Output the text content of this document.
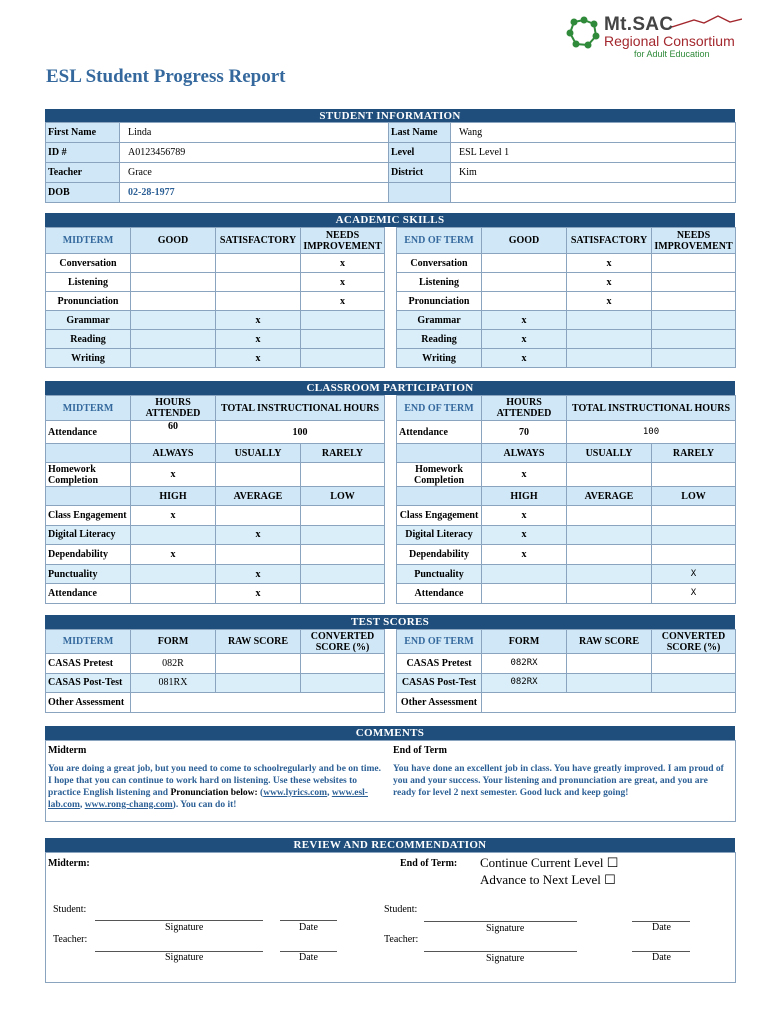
Mt.SAC
Regional Consortium
for Adult Education
ESL Student Progress Report
STUDENT INFORMATION
First Name	Linda	Last Name	Wang
ID #	A0123456789	Level	ESL Level 1
Teacher	Grace	District	Kim
DOB	02-28-1977		
ACADEMIC SKILLS
MIDTERM	GOOD	SATISFACTORY	NEEDS IMPROVEMENT
Conversation			x
Listening			x
Pronunciation			x
Grammar		x	
Reading		x	
Writing		x	
END OF TERM	GOOD	SATISFACTORY	NEEDS IMPROVEMENT
Conversation		x	
Listening		x	
Pronunciation		x	
Grammar	x		
Reading	x		
Writing	x		
CLASSROOM PARTICIPATION
MIDTERM	HOURS ATTENDED	TOTAL INSTRUCTIONAL HOURS	
Attendance	60	100	
	ALWAYS	USUALLY	RARELY
Homework Completion	x		
	HIGH	AVERAGE	LOW
Class Engagement	x		
Digital Literacy		x	
Dependability	x		
Punctuality		x	
Attendance		x	
END OF TERM	HOURS ATTENDED	TOTAL INSTRUCTIONAL HOURS	
Attendance	70	100	
	ALWAYS	USUALLY	RARELY
Homework Completion	x		
	HIGH	AVERAGE	LOW
Class Engagement	x		
Digital Literacy	x		
Dependability	x		
Punctuality			X
Attendance			X
TEST SCORES
MIDTERM	FORM	RAW SCORE	CONVERTED SCORE (%)
CASAS Pretest	082R		
CASAS Post-Test	081RX		
Other Assessment			
END OF TERM	FORM	RAW SCORE	CONVERTED SCORE (%)
CASAS Pretest	082RX		
CASAS Post-Test	082RX		
Other Assessment			
COMMENTS
Midterm
You are doing a great job, but you need to come to schoolregularly and be on time. I hope that you can continue to work hard on listening. Use these websites to practice English listening and Pronunciation below: (www.lyrics.com, www.esl-lab.com, www.rong-chang.com). You can do it!
End of Term
You have done an excellent job in class. You have greatly improved. I am proud of you and your success. Your listening and pronunciation are great, and you are ready for level 2 next semester. Good luck and keep going!
REVIEW AND RECOMMENDATION
Midterm:	End of Term: Continue Current Level ☐
Advance to Next Level ☐
Student:
Signature	Date
Teacher:
Signature	Date
Student:
Signature	Date
Teacher:
Signature	Date
